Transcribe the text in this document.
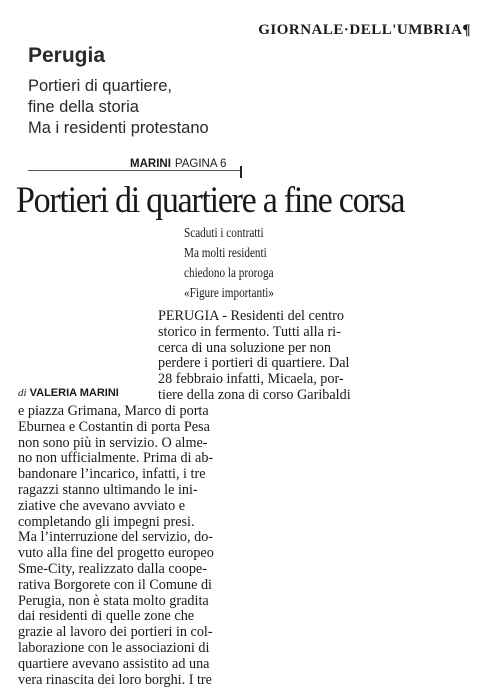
GIORNALE·DELL'UMBRIA¶
Perugia
Portieri di quartiere,
fine della storia
Ma i residenti protestano
MARINI PAGINA 6
Portieri di quartiere a fine corsa
Scaduti i contratti
Ma molti residenti
chiedono la proroga
«Figure importanti»
PERUGIA - Residenti del centro
storico in fermento. Tutti alla ri-
cerca di una soluzione per non
perdere i portieri di quartiere. Dal
28 febbraio infatti, Micaela, por-
tiere della zona di corso Garibaldi
di VALERIA MARINI
e piazza Grimana, Marco di porta
Eburnea e Costantin di porta Pesa
non sono più in servizio. O alme-
no non ufficialmente. Prima di ab-
bandonare l’incarico, infatti, i tre
ragazzi stanno ultimando le ini-
ziative che avevano avviato e
completando gli impegni presi.
Ma l’interruzione del servizio, do-
vuto alla fine del progetto europeo
Sme-City, realizzato dalla coope-
rativa Borgorete con il Comune di
Perugia, non è stata molto gradita
dai residenti di quelle zone che
grazie al lavoro dei portieri in col-
laborazione con le associazioni di
quartiere avevano assistito ad una
vera rinascita dei loro borghi. I tre
